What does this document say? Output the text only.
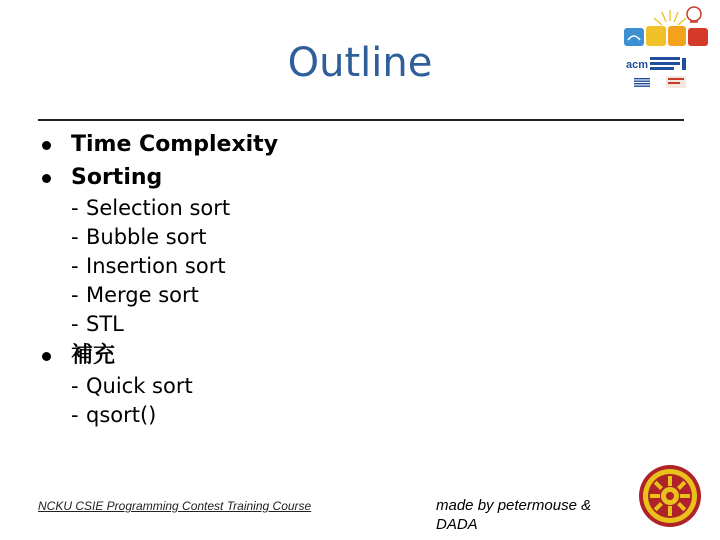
Outline	acm
Time Complexity
Sorting
- Selection sort
- Bubble sort
- Insertion sort
- Merge sort
- STL
補充
- Quick sort
- qsort()
NCKU CSIE Programming Contest Training Course	made by petermouse & DADA
